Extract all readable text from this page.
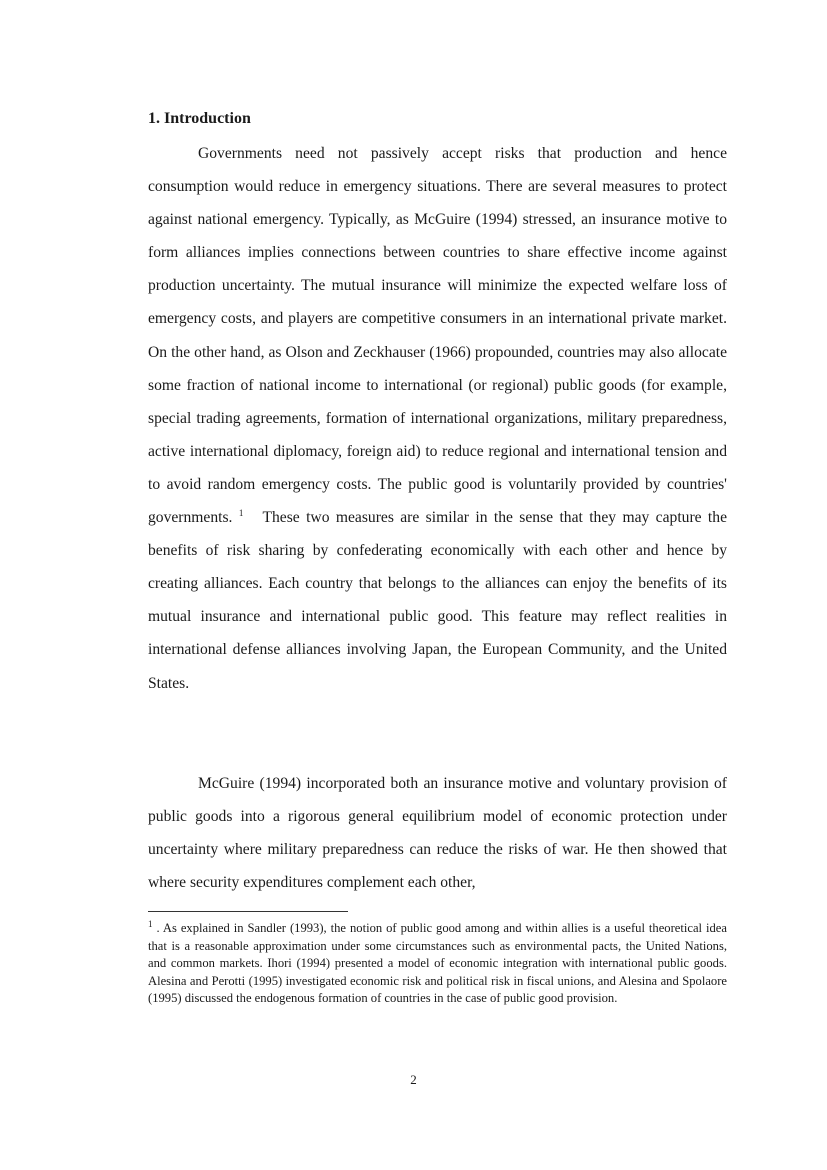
1. Introduction

Governments need not passively accept risks that production and hence consumption would reduce in emergency situations. There are several measures to protect against national emergency. Typically, as McGuire (1994) stressed, an insurance motive to form alliances implies connections between countries to share effective income against production uncertainty. The mutual insurance will minimize the expected welfare loss of emergency costs, and players are competitive consumers in an international private market. On the other hand, as Olson and Zeckhauser (1966) propounded, countries may also allocate some fraction of national income to international (or regional) public goods (for example, special trading agreements, formation of international organizations, military preparedness, active international diplomacy, foreign aid) to reduce regional and international tension and to avoid random emergency costs. The public good is voluntarily provided by countries' governments. $^1$ These two measures are similar in the sense that they may capture the benefits of risk sharing by confederating economically with each other and hence by creating alliances. Each country that belongs to the alliances can enjoy the benefits of its mutual insurance and international public good. This feature may reflect realities in international defense alliances involving Japan, the European Community, and the United States.

McGuire (1994) incorporated both an insurance motive and voluntary provision of public goods into a rigorous general equilibrium model of economic protection under uncertainty where military preparedness can reduce the risks of war. He then showed that where security expenditures complement each other,

$^1$ . As explained in Sandler (1993), the notion of public good among and within allies is a useful theoretical idea that is a reasonable approximation under some circumstances such as environmental pacts, the United Nations, and common markets. Ihori (1994) presented a model of economic integration with international public goods. Alesina and Perotti (1995) investigated economic risk and political risk in fiscal unions, and Alesina and Spolaore (1995) discussed the endogenous formation of countries in the case of public good provision.

2
